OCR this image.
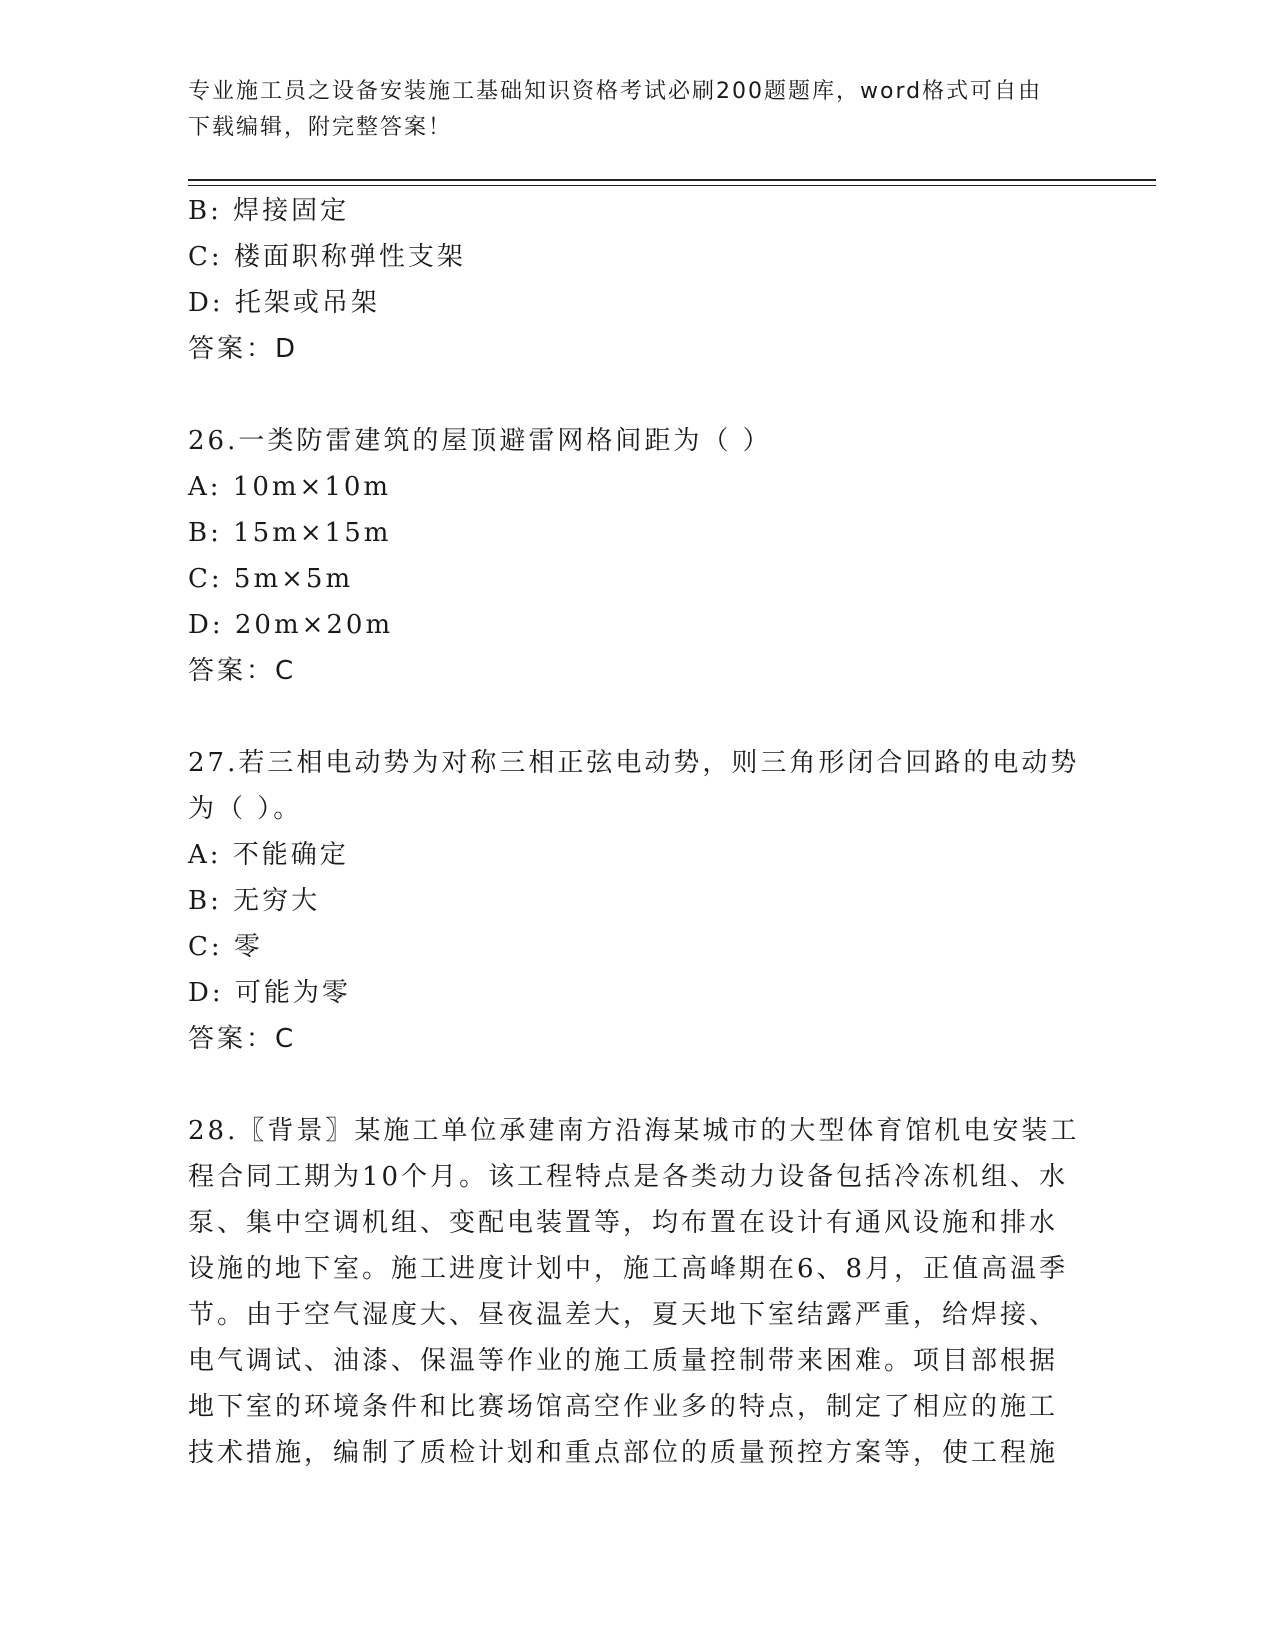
专业施工员之设备安装施工基础知识资格考试必刷200题题库，word格式可自由
下载编辑，附完整答案！
B: 焊接固定
C: 楼面职称弹性支架
D: 托架或吊架
答案：D
26.一类防雷建筑的屋顶避雷网格间距为（ ）
A: 10m×10m
B: 15m×15m
C: 5m×5m
D: 20m×20m
答案：C
27.若三相电动势为对称三相正弦电动势，则三角形闭合回路的电动势
为（ ）。
A: 不能确定
B: 无穷大
C: 零
D: 可能为零
答案：C
28.〖背景〗某施工单位承建南方沿海某城市的大型体育馆机电安装工
程合同工期为10个月。该工程特点是各类动力设备包括冷冻机组、水
泵、集中空调机组、变配电装置等，均布置在设计有通风设施和排水
设施的地下室。施工进度计划中，施工高峰期在6、8月，正值高温季
节。由于空气湿度大、昼夜温差大，夏天地下室结露严重，给焊接、
电气调试、油漆、保温等作业的施工质量控制带来困难。项目部根据
地下室的环境条件和比赛场馆高空作业多的特点，制定了相应的施工
技术措施，编制了质检计划和重点部位的质量预控方案等，使工程施
